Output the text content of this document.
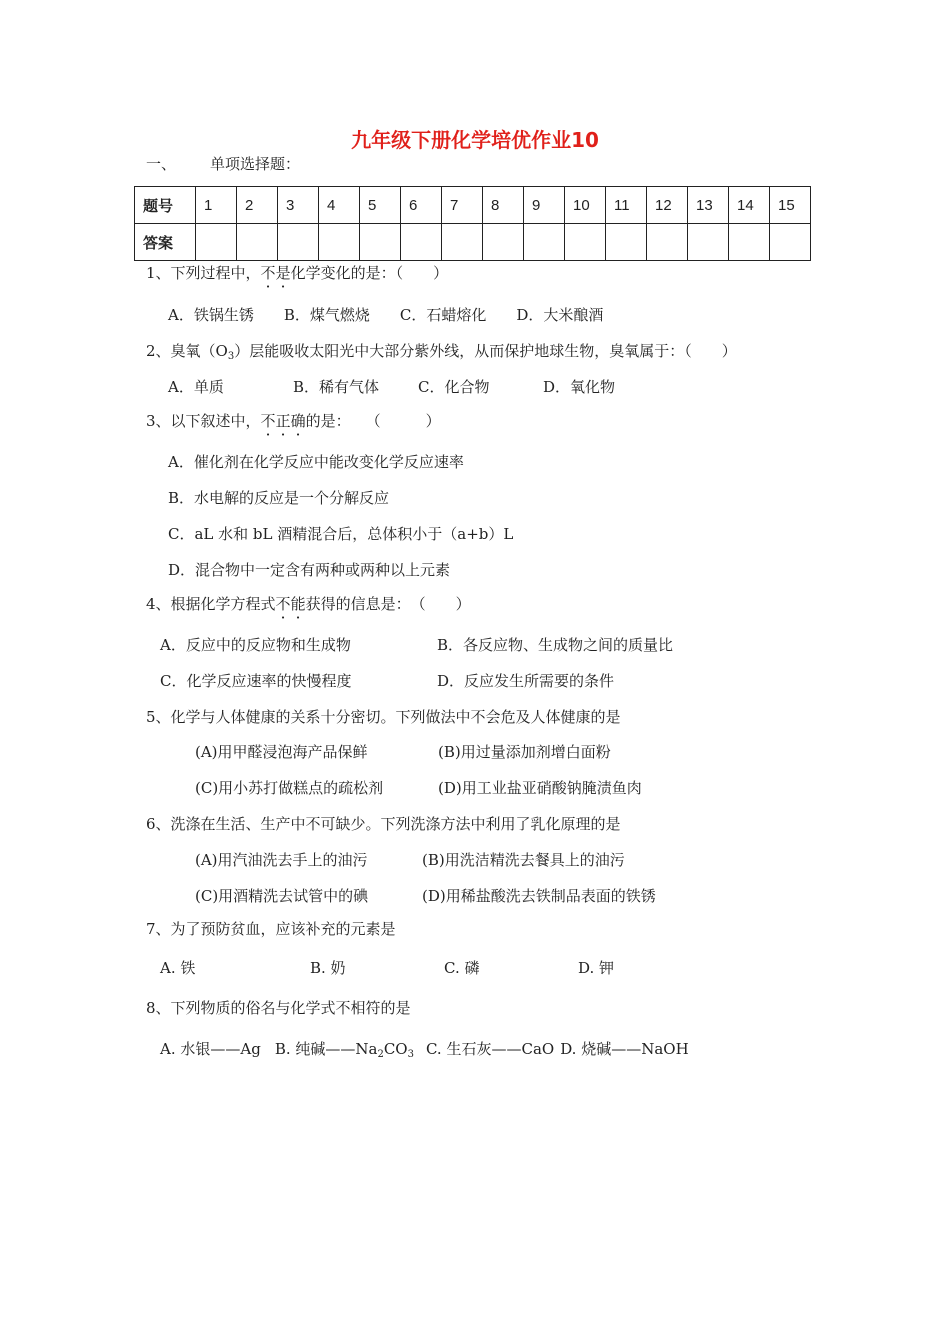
九年级下册化学培优作业10
一、 单项选择题：
题号	1	2	3	4	5	6	7	8	9	10	11	12	13	14	15
答案															
1、下列过程中，不是化学变化的是：（　　）
A．铁锅生锈 B．煤气燃烧 C．石蜡熔化 D．大米酿酒
2、臭氧$(O_3)$层能吸收太阳光中大部分紫外线，从而保护地球生物，臭氧属于：（　　）
A．单质	B．稀有气体	C．化合物	D．氧化物
3、以下叙述中，不正确的是：　　（　　　）
A．催化剂在化学反应中能改变化学反应速率
B．水电解的反应是一个分解反应
C．aL 水和 bL 酒精混合后，总体积小于（a+b）L
D．混合物中一定含有两种或两种以上元素
4、根据化学方程式不能获得的信息是：　（　　）
A．反应中的反应物和生成物	B．各反应物、生成物之间的质量比
C．化学反应速率的快慢程度	D．反应发生所需要的条件
5、化学与人体健康的关系十分密切。下列做法中不会危及人体健康的是
(A)用甲醛浸泡海产品保鲜	(B)用过量添加剂增白面粉
(C)用小苏打做糕点的疏松剂	(D)用工业盐亚硝酸钠腌渍鱼肉
6、洗涤在生活、生产中不可缺少。下列洗涤方法中利用了乳化原理的是
(A)用汽油洗去手上的油污	(B)用洗洁精洗去餐具上的油污
(C)用酒精洗去试管中的碘	(D)用稀盐酸洗去铁制品表面的铁锈
7、为了预防贫血，应该补充的元素是
A. 铁	B. 奶	C. 磷	D. 钾
8、下列物质的俗名与化学式不相符的是
A. 水银——Ag B. 纯碱$——Na_2CO_3$ C. 生石灰——CaO D. 烧碱——NaOH
